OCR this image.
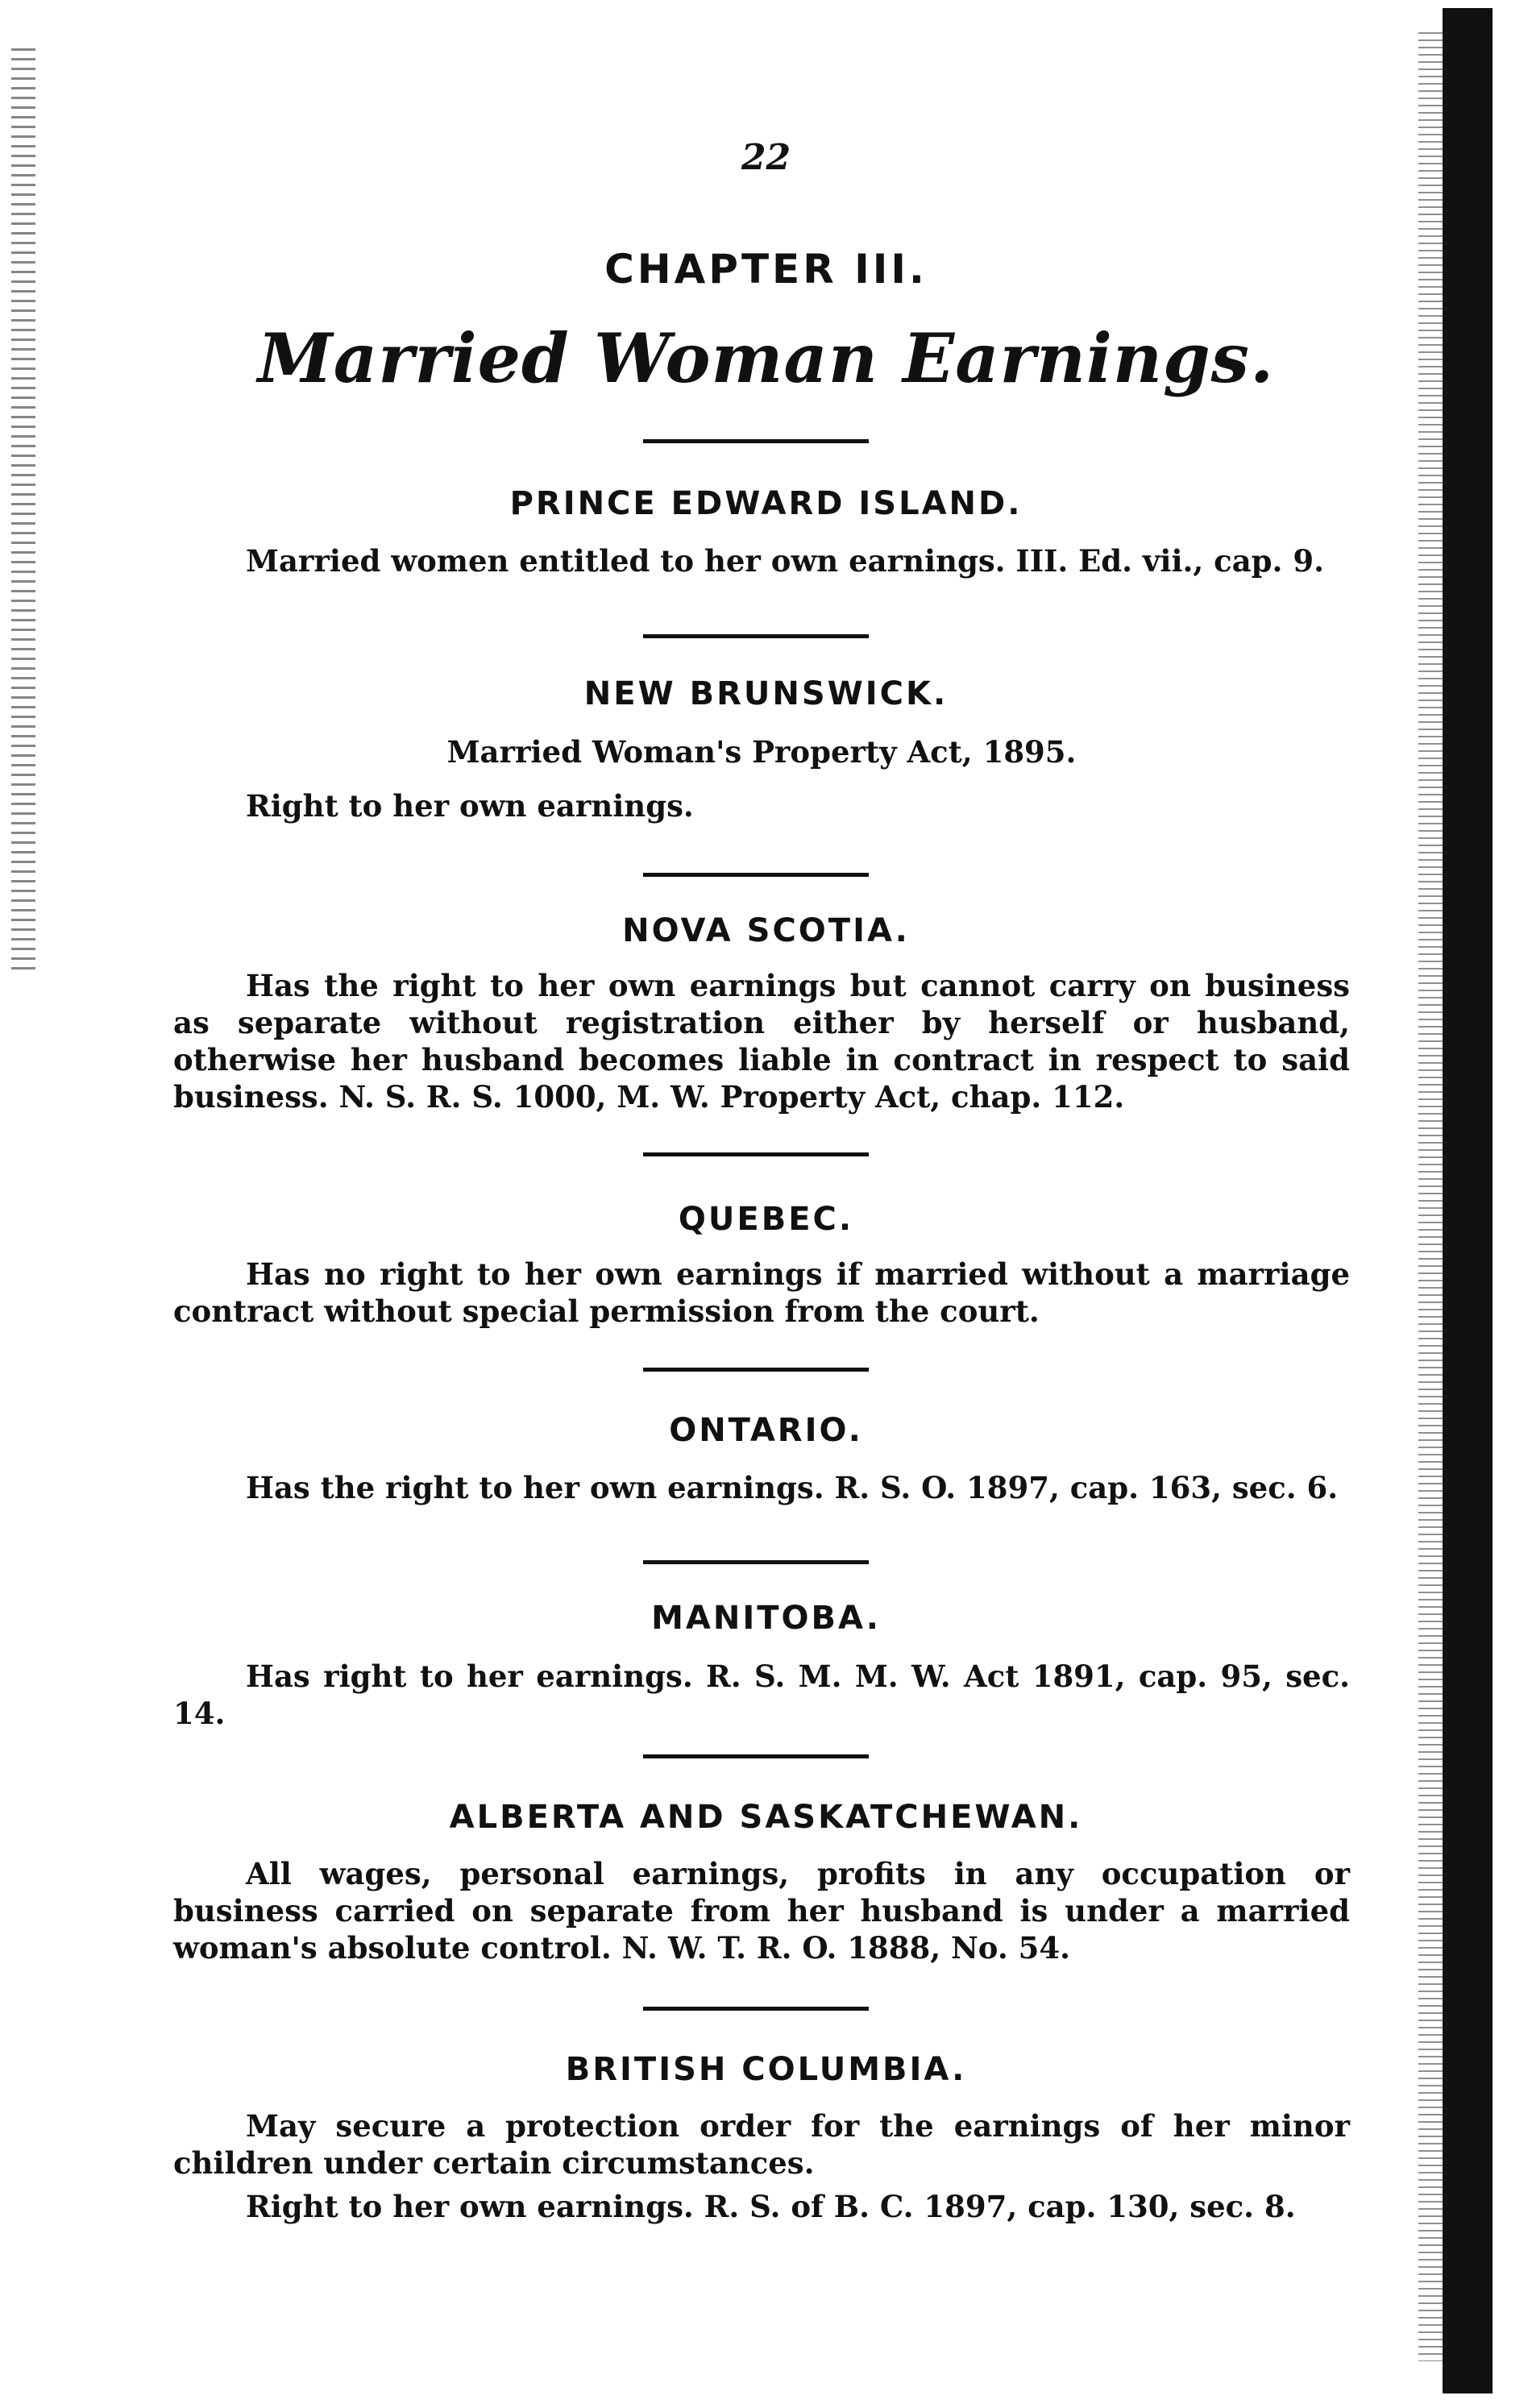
22
CHAPTER III.
Married Woman Earnings.
PRINCE EDWARD ISLAND.

Married women entitled to her own earnings. III. Ed. vii., cap. 9.

NEW BRUNSWICK.

Married Woman's Property Act, 1895.

Right to her own earnings.

NOVA SCOTIA.

Has the right to her own earnings but cannot carry on business as separate without registration either by herself or husband, otherwise her husband becomes liable in contract in respect to said business. N. S. R. S. 1000, M. W. Property Act, chap. 112.

QUEBEC.

Has no right to her own earnings if married without a marriage contract without special permission from the court.

ONTARIO.

Has the right to her own earnings. R. S. O. 1897, cap. 163, sec. 6.

MANITOBA.

Has right to her earnings. R. S. M. M. W. Act 1891, cap. 95, sec. 14.

ALBERTA AND SASKATCHEWAN.

All wages, personal earnings, profits in any occupation or business carried on separate from her husband is under a married woman's absolute control. N. W. T. R. O. 1888, No. 54.

BRITISH COLUMBIA.

May secure a protection order for the earnings of her minor children under certain circumstances.

Right to her own earnings. R. S. of B. C. 1897, cap. 130, sec. 8.
